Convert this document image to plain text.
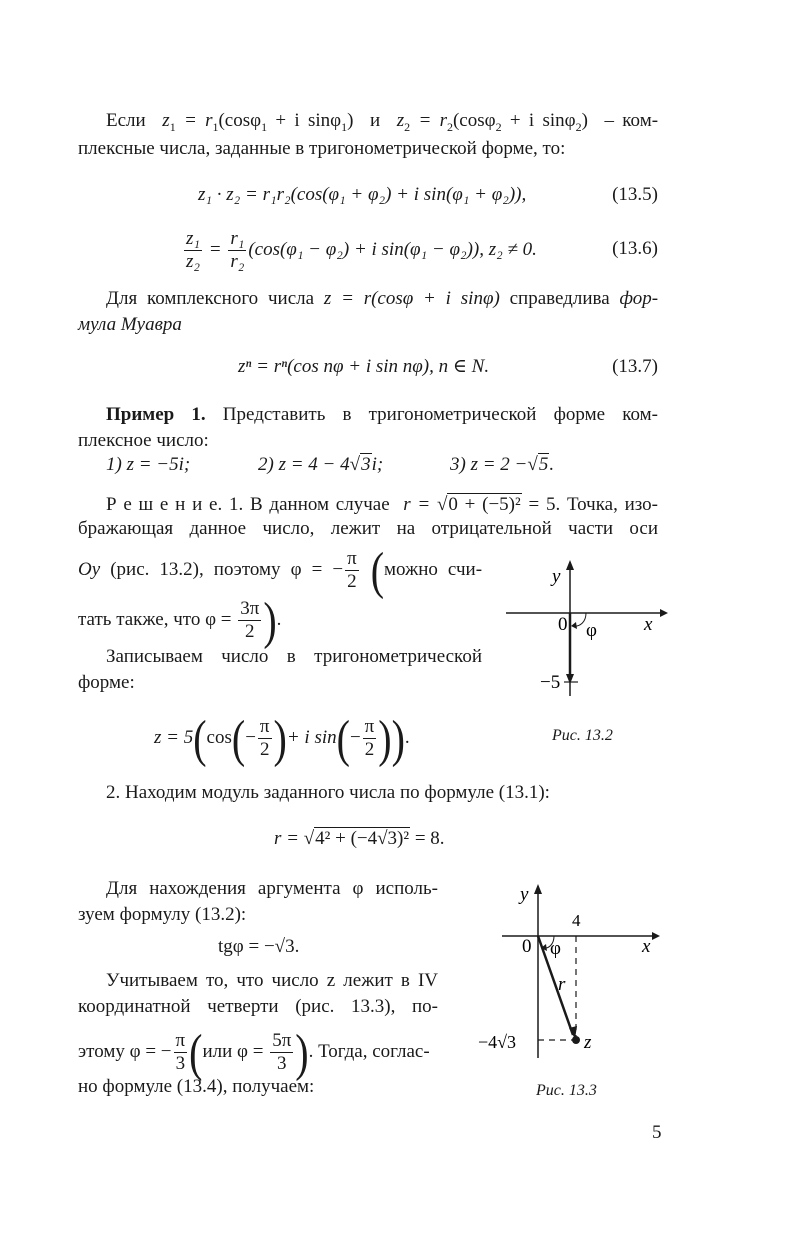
Если $z_1 = r_1(\cos\varphi_1 + i$ sinφ$_1$) и $z_2 = r_2(\cos\varphi_2 + i$ sinφ$_2$) – ком-
плексные числа, заданные в тригонометрической форме, то:
z₁ · z₂ = r₁r₂(cos(φ₁ + φ₂) + i sin(φ₁ + φ₂)),	(13.5)
$\frac{\text{z₁}}{\text{z₂}} = \frac{\text{r₁}}{\text{r₂}} (\cos(\varphi_1 - \varphi_2) + i$ sin(φ₁ − φ₂)), z₂ ≠ 0.	(13.6)
Для комплексного числа z = r(cosφ + i sinφ) справедлива фор-
мула Муавра
zⁿ = rⁿ(cos nφ + i sin nφ), n ∈ N.	(13.7)
Пример 1. Представить в тригонометрической форме ком-
плексное число:
1) z = −5i;	2) z = 4 − 4√3i;	3) z = 2 −√5.
Р е ш е н и е. 1. В данном случае r = √0 + (−5)² = 5. Точка, изо-
бражающая данное число, лежит на отрицательной части оси
Oy (рис. 13.2), поэтому φ = − $\frac{\pi}{2}$ (можно счи-
тать также, что $\varphi = \frac{3\pi}{2}$ ).
Записываем число в тригонометрической
форме:
$z = 5(\cos(- \frac{\pi}{2}$ )+ i $\sin(- \frac{\pi}{2}$ )).
y
x
0 φ
−5
Рис. 13.2
2. Находим модуль заданного числа по формуле (13.1):
r = √4² + (−4√3)² = 8.
Для нахождения аргумента φ исполь-
зуем формулу (13.2):
tgφ = −√3.
Учитываем то, что число z лежит в IV
координатной четверти (рис. 13.3), по-
этому φ = − $\frac{\pi}{3} (или$ $\varphi = \frac{5\pi}{3}$ ). Тогда, соглас-
но формуле (13.4), получаем:
y
x
0 φ
4
r
z
−4√3
Рис. 13.3
5
